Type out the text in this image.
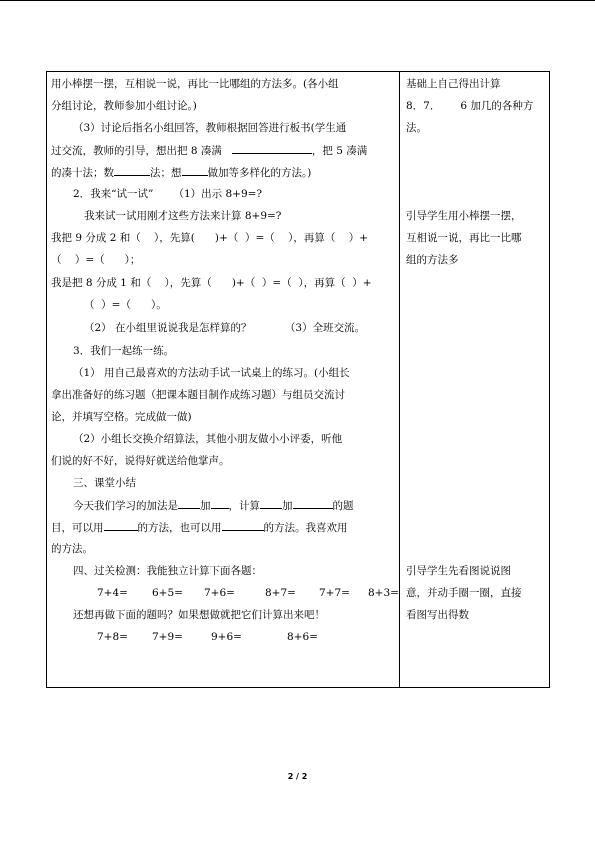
用小棒摆一摆，互相说一说，再比一比哪组的方法多。(各小组
分组讨论，教师参加小组讨论。)
（3）讨论后指名小组回答，教师根据回答进行板书(学生通
过交流，教师的引导，想出把 8 凑满	，把 5 凑满
的凑十法；数	法；想 做加等多样化的方法。)
2．我来“试一试”      （1）出示 8+9=?
我来试一试用刚才这些方法来计算 8+9=?
我把 9 分成 2 和（    ），先算(      )+（  ）=（    ），再算（    ）+
（    ）=（      ）；
我是把 8 分成 1 和（    ），先算（      )+（  ）=（  ），再算（  ）+
（  ）=（      ）。
（2） 在小组里说说我是怎样算的？          （3）全班交流。
3．我们一起练一练。
（1） 用自己最喜欢的方法动手试一试桌上的练习。(小组长
拿出准备好的练习题（把课本题目制作成练习题）与组员交流讨
论，并填写空格。完成做一做)
（2）小组长交换介绍算法，其他小朋友做小小评委，听他
们说的好不好，说得好就送给他掌声。
三、课堂小结
今天我们学习的加法是 加 ，计算 加	的题
目，可以用	的方法，也可以用	的方法。我喜欢用
的方法。
四、过关检测：我能独立计算下面各题：
7+4= 6+5= 7+6=	8+7= 7+7= 8+3=
还想再做下面的题吗？如果想做就把它们计算出来吧！
7+8= 7+9=	9+6=	8+6=

基础上自己得出计算
8．7．      6 加几的各种方
法。
引导学生用小棒摆一摆，
互相说一说，再比一比哪
组的方法多
引导学生先看图说说图
意，并动手圈一圈，直接
看图写出得数
2 / 2
